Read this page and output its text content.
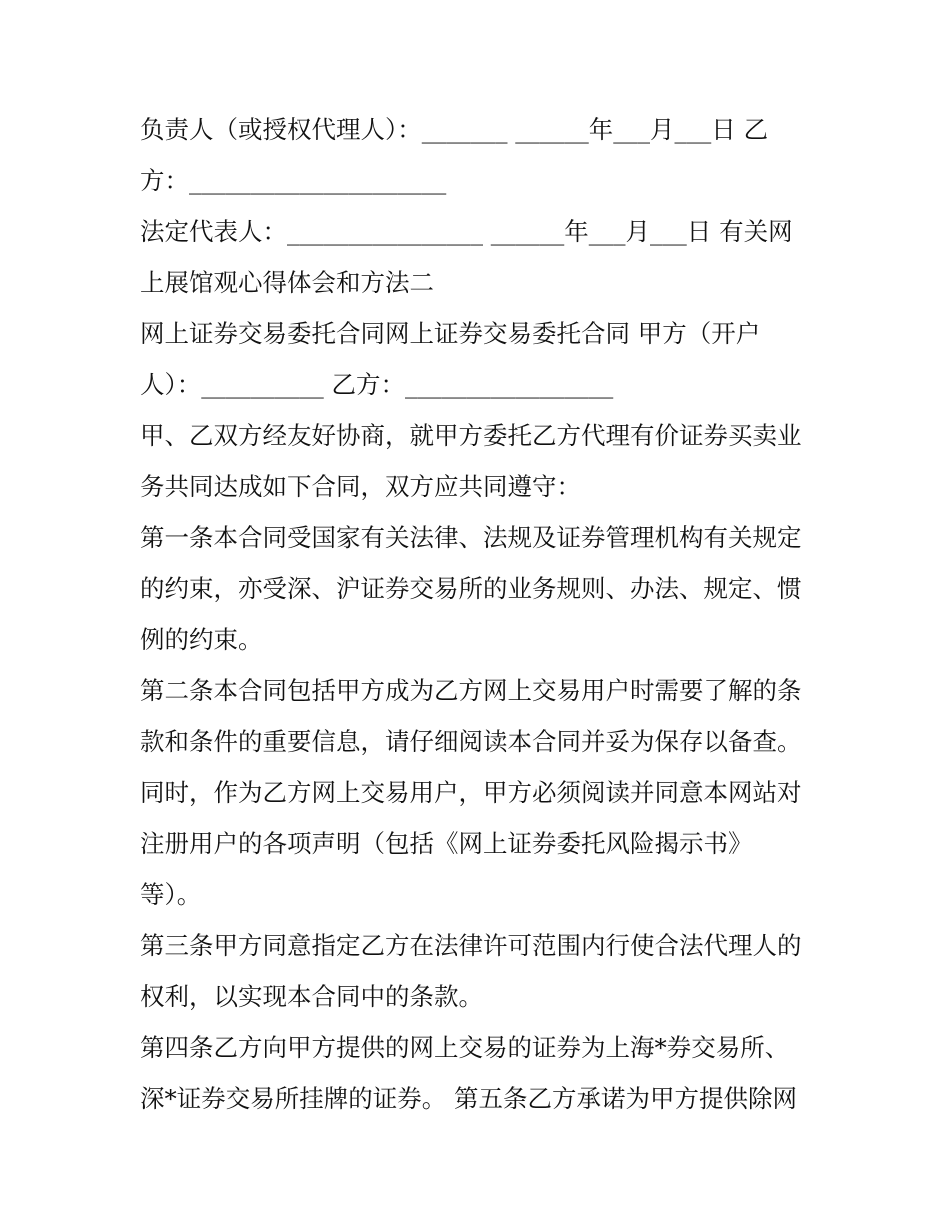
负责人（或授权代理人）：_______ ______年___月___日 乙
方：_____________________
法定代表人：________________ ______年___月___日 有关网
上展馆观心得体会和方法二
网上证券交易委托合同网上证券交易委托合同 甲方（开户
人）：__________ 乙方：_________________
甲、乙双方经友好协商，就甲方委托乙方代理有价证券买卖业
务共同达成如下合同，双方应共同遵守：
第一条本合同受国家有关法律、法规及证券管理机构有关规定
的约束，亦受深、沪证券交易所的业务规则、办法、规定、惯
例的约束。
第二条本合同包括甲方成为乙方网上交易用户时需要了解的条
款和条件的重要信息，请仔细阅读本合同并妥为保存以备查。
同时，作为乙方网上交易用户，甲方必须阅读并同意本网站对
注册用户的各项声明（包括《网上证券委托风险揭示书》
等）。
第三条甲方同意指定乙方在法律许可范围内行使合法代理人的
权利，以实现本合同中的条款。
第四条乙方向甲方提供的网上交易的证券为上海*券交易所、
深*证券交易所挂牌的证券。 第五条乙方承诺为甲方提供除网
